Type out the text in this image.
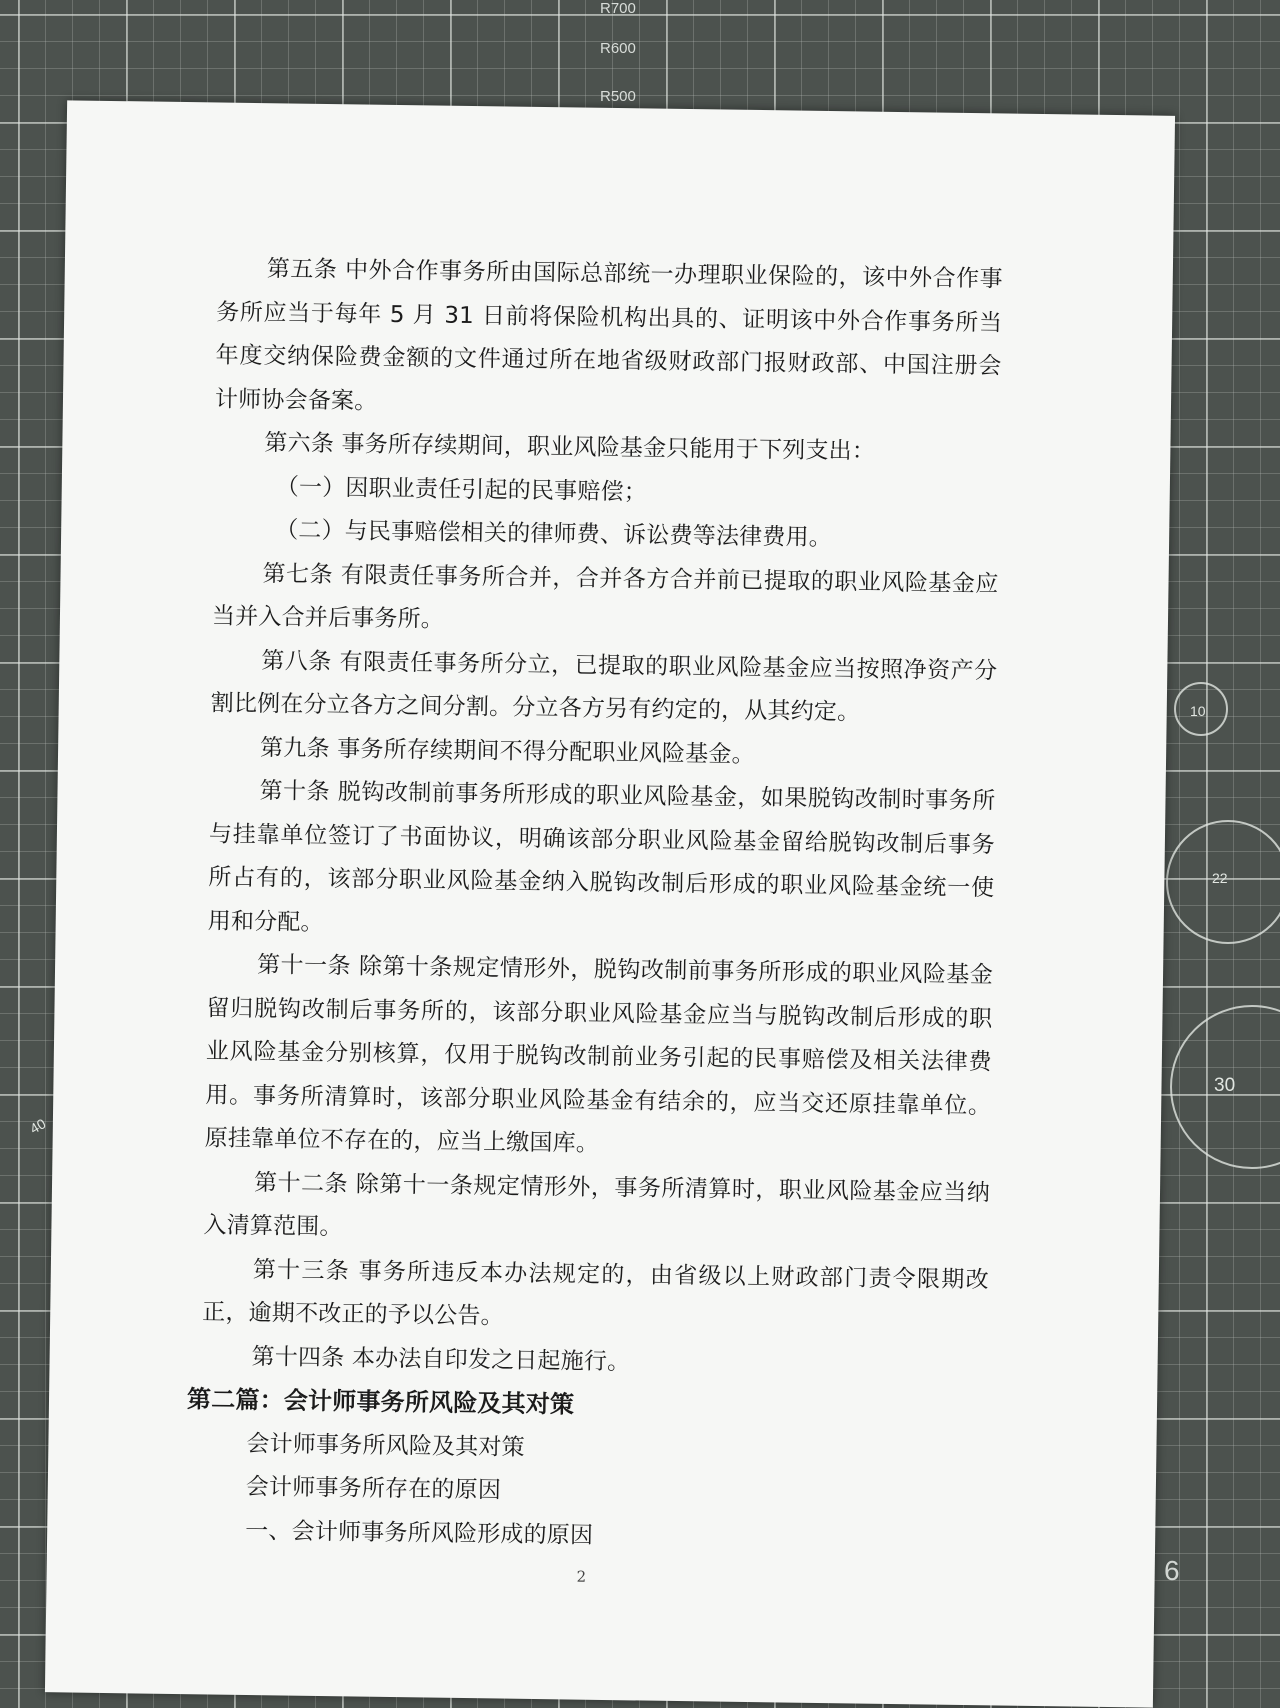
R700
R600
R500
10
22
30
6
40

第五条 中外合作事务所由国际总部统一办理职业保险的，该中外合作事务所应当于每年 5 月 31 日前将保险机构出具的、证明该中外合作事务所当年度交纳保险费金额的文件通过所在地省级财政部门报财政部、中国注册会计师协会备案。

第六条 事务所存续期间，职业风险基金只能用于下列支出：

（一）因职业责任引起的民事赔偿；

（二）与民事赔偿相关的律师费、诉讼费等法律费用。

第七条 有限责任事务所合并，合并各方合并前已提取的职业风险基金应当并入合并后事务所。

第八条 有限责任事务所分立，已提取的职业风险基金应当按照净资产分割比例在分立各方之间分割。分立各方另有约定的，从其约定。

第九条 事务所存续期间不得分配职业风险基金。

第十条 脱钩改制前事务所形成的职业风险基金，如果脱钩改制时事务所与挂靠单位签订了书面协议，明确该部分职业风险基金留给脱钩改制后事务所占有的，该部分职业风险基金纳入脱钩改制后形成的职业风险基金统一使用和分配。

第十一条 除第十条规定情形外，脱钩改制前事务所形成的职业风险基金留归脱钩改制后事务所的，该部分职业风险基金应当与脱钩改制后形成的职业风险基金分别核算，仅用于脱钩改制前业务引起的民事赔偿及相关法律费用。事务所清算时，该部分职业风险基金有结余的，应当交还原挂靠单位。原挂靠单位不存在的，应当上缴国库。

第十二条 除第十一条规定情形外，事务所清算时，职业风险基金应当纳入清算范围。

第十三条 事务所违反本办法规定的，由省级以上财政部门责令限期改正，逾期不改正的予以公告。

第十四条 本办法自印发之日起施行。

第二篇：会计师事务所风险及其对策

会计师事务所风险及其对策

会计师事务所存在的原因

一、会计师事务所风险形成的原因

2
